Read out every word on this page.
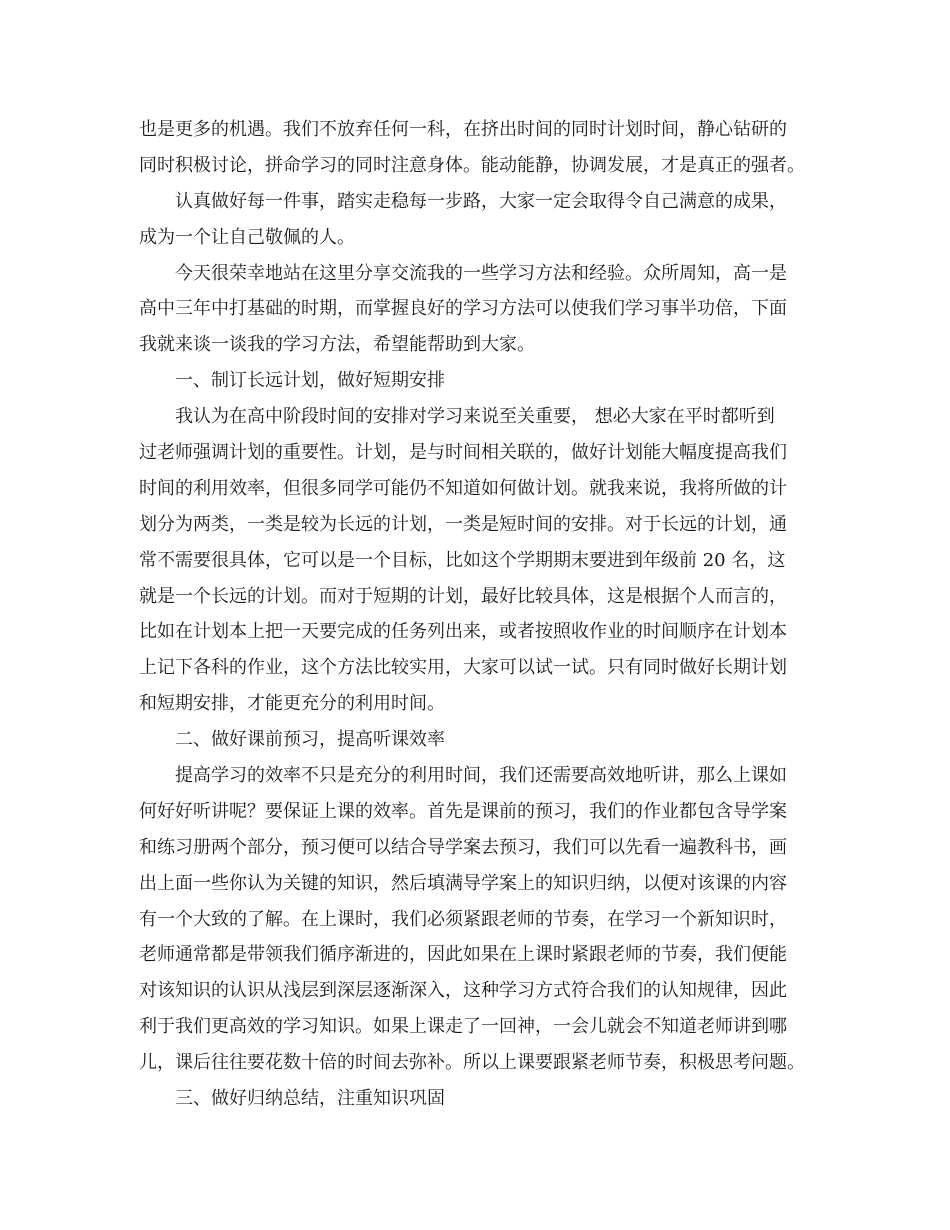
也是更多的机遇。我们不放弃任何一科，在挤出时间的同时计划时间，静心钻研的

同时积极讨论，拼命学习的同时注意身体。能动能静，协调发展，才是真正的强者。

认真做好每一件事，踏实走稳每一步路，大家一定会取得令自己满意的成果，

成为一个让自己敬佩的人。

今天很荣幸地站在这里分享交流我的一些学习方法和经验。众所周知，高一是

高中三年中打基础的时期，而掌握良好的学习方法可以使我们学习事半功倍，下面

我就来谈一谈我的学习方法，希望能帮助到大家。

一、制订长远计划，做好短期安排

我认为在高中阶段时间的安排对学习来说至关重要， 想必大家在平时都听到

过老师强调计划的重要性。计划，是与时间相关联的，做好计划能大幅度提高我们

时间的利用效率，但很多同学可能仍不知道如何做计划。就我来说，我将所做的计

划分为两类，一类是较为长远的计划，一类是短时间的安排。对于长远的计划，通

常不需要很具体，它可以是一个目标，比如这个学期期末要进到年级前 20 名，这

就是一个长远的计划。而对于短期的计划，最好比较具体，这是根据个人而言的，

比如在计划本上把一天要完成的任务列出来，或者按照收作业的时间顺序在计划本

上记下各科的作业，这个方法比较实用，大家可以试一试。只有同时做好长期计划

和短期安排，才能更充分的利用时间。

二、做好课前预习，提高听课效率

提高学习的效率不只是充分的利用时间，我们还需要高效地听讲，那么上课如

何好好听讲呢？要保证上课的效率。首先是课前的预习，我们的作业都包含导学案

和练习册两个部分，预习便可以结合导学案去预习，我们可以先看一遍教科书，画

出上面一些你认为关键的知识，然后填满导学案上的知识归纳，以便对该课的内容

有一个大致的了解。在上课时，我们必须紧跟老师的节奏，在学习一个新知识时，

老师通常都是带领我们循序渐进的，因此如果在上课时紧跟老师的节奏，我们便能

对该知识的认识从浅层到深层逐渐深入，这种学习方式符合我们的认知规律，因此

利于我们更高效的学习知识。如果上课走了一回神，一会儿就会不知道老师讲到哪

儿，课后往往要花数十倍的时间去弥补。所以上课要跟紧老师节奏，积极思考问题。

三、做好归纳总结，注重知识巩固
